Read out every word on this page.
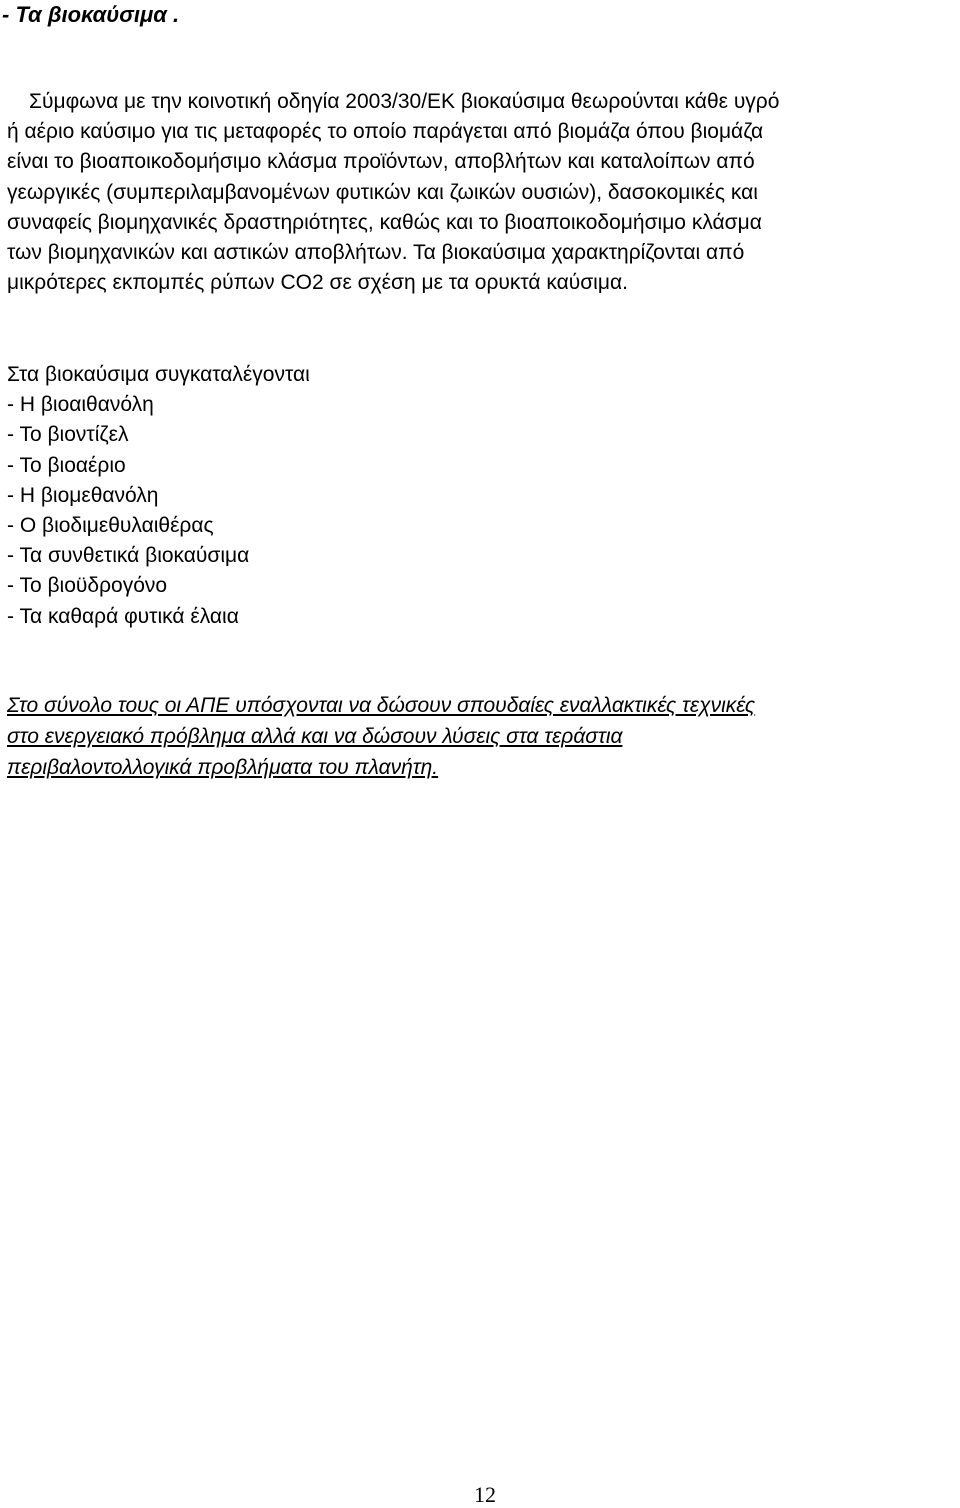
- Τα βιοκαύσιμα .
Σύμφωνα με την κοινοτική οδηγία 2003/30/ΕΚ βιοκαύσιμα θεωρούνται κάθε υγρό
ή αέριο καύσιμο για τις μεταφορές το οποίο παράγεται από βιομάζα όπου βιομάζα
είναι το βιοαποικοδομήσιμο κλάσμα προϊόντων, αποβλήτων και καταλοίπων από
γεωργικές (συμπεριλαμβανομένων φυτικών και ζωικών ουσιών), δασοκομικές και
συναφείς βιομηχανικές δραστηριότητες, καθώς και το βιοαποικοδομήσιμο κλάσμα
των βιομηχανικών και αστικών αποβλήτων. Τα βιοκαύσιμα χαρακτηρίζονται από
μικρότερες εκπομπές ρύπων CO2 σε σχέση με τα ορυκτά καύσιμα.
Στα βιοκαύσιμα συγκαταλέγονται
- Η βιοαιθανόλη
- Το βιοντίζελ
- Το βιοαέριο
- Η βιομεθανόλη
- Ο βιοδιμεθυλαιθέρας
- Τα συνθετικά βιοκαύσιμα
- Το βιοϋδρογόνο
- Τα καθαρά φυτικά έλαια
Στο σύνολο τους οι ΑΠΕ υπόσχονται να δώσουν σπουδαίες εναλλακτικές τεχνικές
στο ενεργειακό πρόβλημα αλλά και να δώσουν λύσεις στα τεράστια
περιβαλοντολλογικά προβλήματα του πλανήτη.
12
